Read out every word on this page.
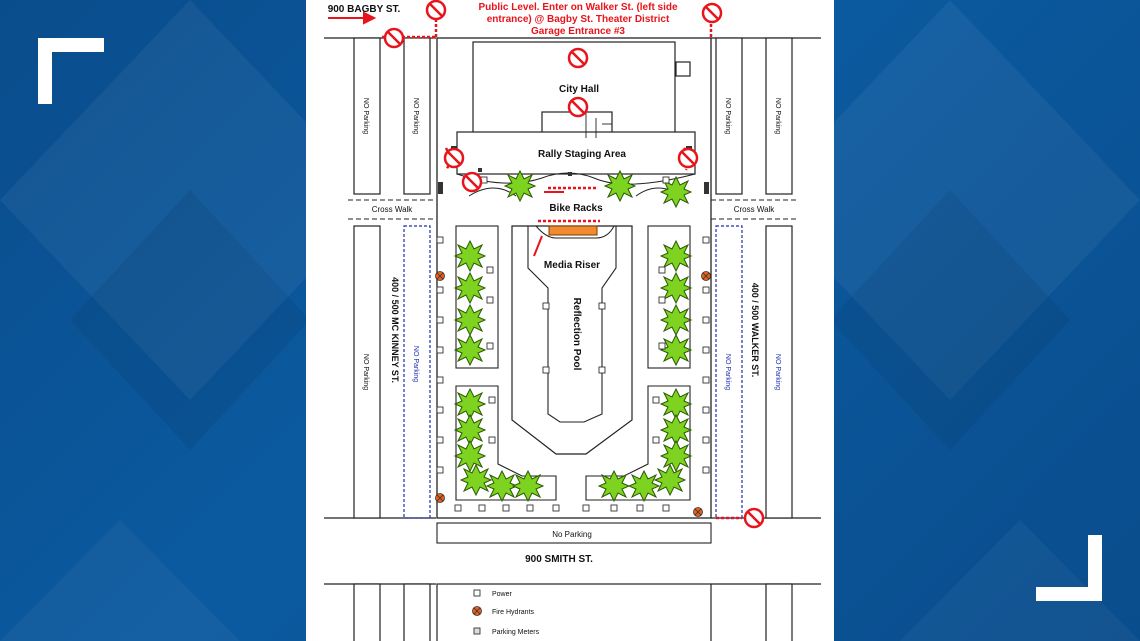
Public Level. Enter on Walker St. (left side
entrance) @ Bagby St. Theater District
Garage Entrance #3
900 BAGBY ST.
900 SMITH ST.
City Hall
Rally Staging Area
Bike Racks
Media Riser
Cross Walk	Cross Walk
No Parking
Reflection Pool
400 / 500 MC KINNEY ST.	400 / 500 WALKER ST.
NO Parking	NO Parking	NO Parking	NO Parking
NO Parking	NO Parking	NO Parking	NO Parking
Power
Fire Hydrants
Parking Meters
